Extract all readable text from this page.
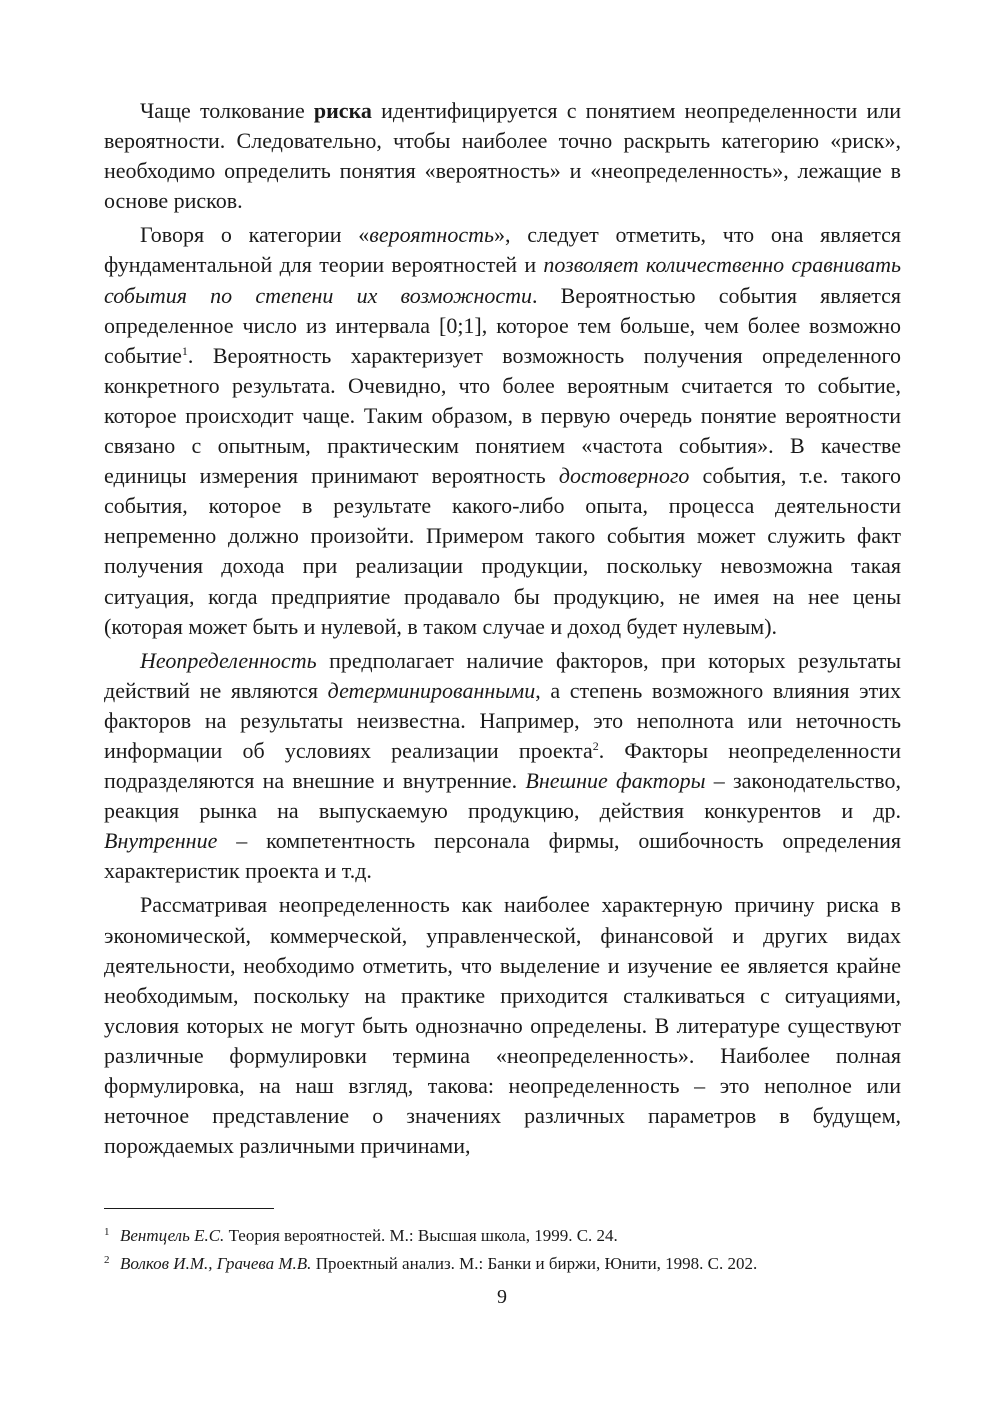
Чаще толкование риска идентифицируется с понятием неопределенности или вероятности. Следовательно, чтобы наиболее точно раскрыть категорию «риск», необходимо определить понятия «вероятность» и «неопределенность», лежащие в основе рисков.

Говоря о категории «вероятность», следует отметить, что она является фундаментальной для теории вероятностей и позволяет количественно сравнивать события по степени их возможности. Вероятностью события является определенное число из интервала [0;1], которое тем больше, чем более возможно событие$^1$. Вероятность характеризует возможность получения определенного конкретного результата. Очевидно, что более вероятным считается то событие, которое происходит чаще. Таким образом, в первую очередь понятие вероятности связано с опытным, практическим понятием «частота события». В качестве единицы измерения принимают вероятность достоверного события, т.е. такого события, которое в результате какого-либо опыта, процесса деятельности непременно должно произойти. Примером такого события может служить факт получения дохода при реализации продукции, поскольку невозможна такая ситуация, когда предприятие продавало бы продукцию, не имея на нее цены (которая может быть и нулевой, в таком случае и доход будет нулевым).

Неопределенность предполагает наличие факторов, при которых результаты действий не являются детерминированными, а степень возможного влияния этих факторов на результаты неизвестна. Например, это неполнота или неточность информации об условиях реализации проекта$^2$. Факторы неопределенности подразделяются на внешние и внутренние. Внешние факторы – законодательство, реакция рынка на выпускаемую продукцию, действия конкурентов и др. Внутренние – компетентность персонала фирмы, ошибочность определения характеристик проекта и т.д.

Рассматривая неопределенность как наиболее характерную причину риска в экономической, коммерческой, управленческой, финансовой и других видах деятельности, необходимо отметить, что выделение и изучение ее является крайне необходимым, поскольку на практике приходится сталкиваться с ситуациями, условия которых не могут быть однозначно определены. В литературе существуют различные формулировки термина «неопределенность». Наиболее полная формулировка, на наш взгляд, такова: неопределенность – это неполное или неточное представление о значениях различных параметров в будущем, порождаемых различными причинами,

1 Вентцель Е.С. Теория вероятностей. М.: Высшая школа, 1999. С. 24.

2 Волков И.М., Грачева М.В. Проектный анализ. М.: Банки и биржи, Юнити, 1998. С. 202.

9
